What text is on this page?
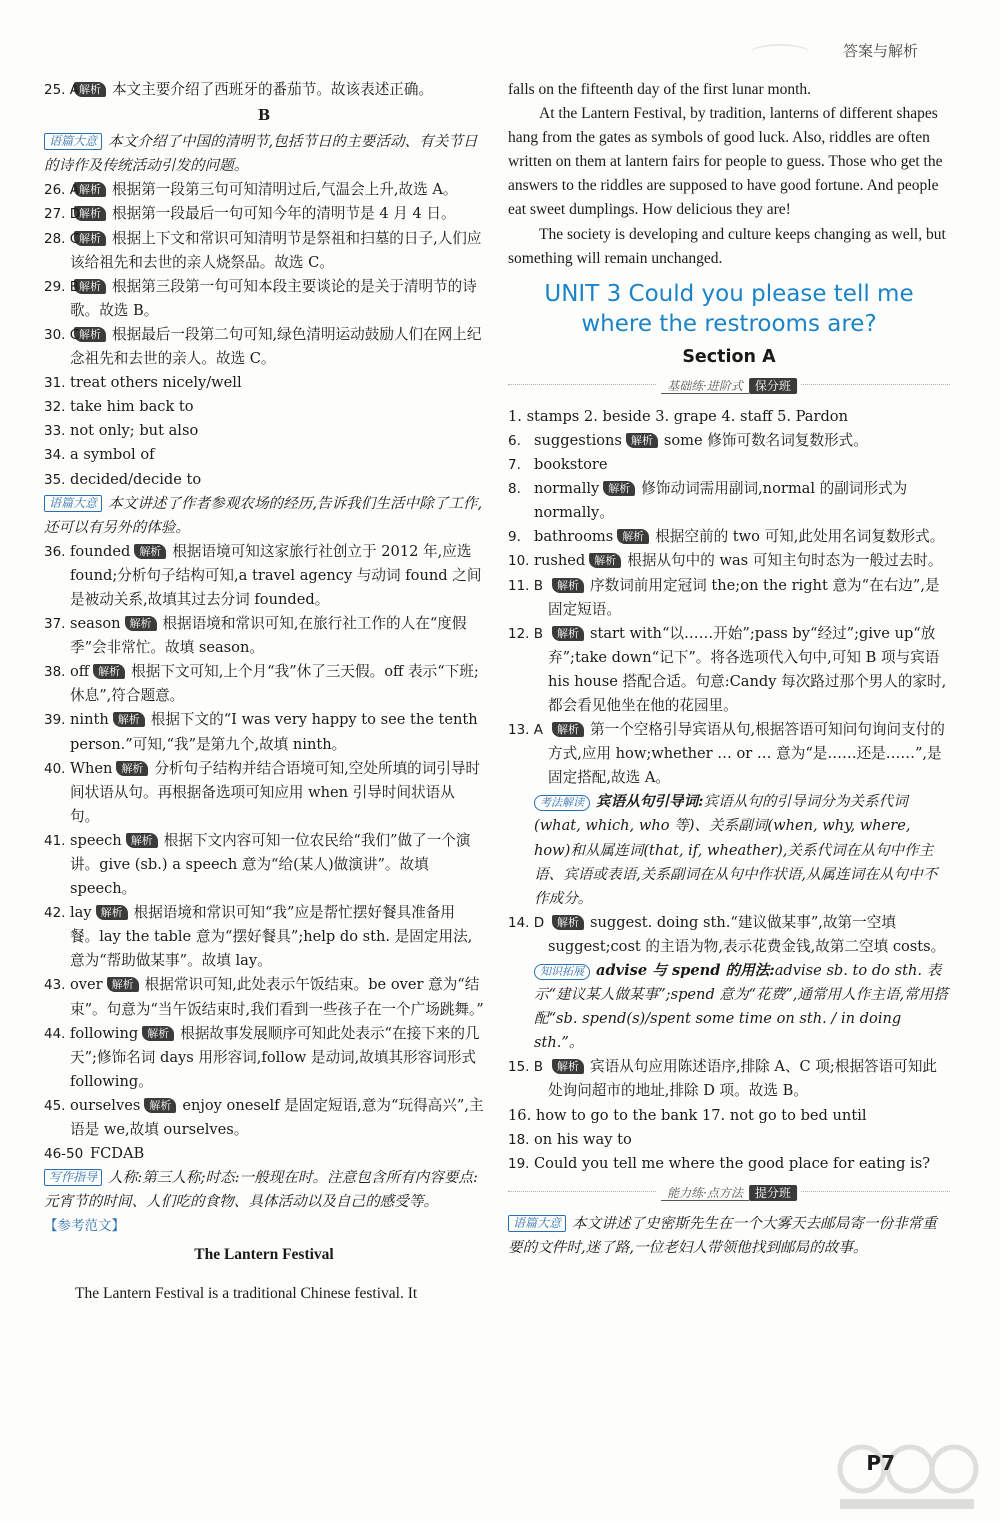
答案与解析

25. A 解析 本文主要介绍了西班牙的番茄节。故该表述正确。

B

语篇大意 本文介绍了中国的清明节,包括节日的主要活动、有关节日的诗作及传统活动引发的问题。

26. A 解析 根据第一段第三句可知清明过后,气温会上升,故选 A。

27. D
解析 根据第一段最后一句可知今年的清明节是 4 月 4 日。

28. C 解析 根据上下文和常识可知清明节是祭祖和扫墓的日子,人们应该给祖先和去世的亲人烧祭品。故选 C。

29. B 解析 根据第三段第一句可知本段主要谈论的是关于清明节的诗歌。故选 B。

30. C 解析 根据最后一段第二句可知,绿色清明运动鼓励人们在网上纪念祖先和去世的亲人。故选 C。

31. treat others nicely/well

32. take him back to

33. not only; but also

34. a symbol of

35. decided/decide to

语篇大意 本文讲述了作者参观农场的经历,告诉我们生活中除了工作,还可以有另外的体验。

36. founded 解析 根据语境可知这家旅行社创立于 2012 年,应选 found;分析句子结构可知,a travel agency 与动词 found 之间是被动关系,故填其过去分词 founded。

37. season 解析 根据语境和常识可知,在旅行社工作的人在“度假季”会非常忙。故填 season。

38. off 解析 根据下文可知,上个月“我”休了三天假。off 表示“下班;休息”,符合题意。

39. ninth 解析 根据下文的“I was very happy to see the tenth person.”可知,“我”是第九个,故填 ninth。

40. When 解析 分析句子结构并结合语境可知,空处所填的词引导时间状语从句。再根据备选项可知应用 when 引导时间状语从句。

41. speech 解析 根据下文内容可知一位农民给“我们”做了一个演讲。give (sb.) a speech 意为“给(某人)做演讲”。故填 speech。

42. lay 解析 根据语境和常识可知“我”应是帮忙摆好餐具准备用餐。lay the table 意为“摆好餐具”;help do sth. 是固定用法,意为“帮助做某事”。故填 lay。

43. over 解析 根据常识可知,此处表示午饭结束。be over 意为“结束”。句意为“当午饭结束时,我们看到一些孩子在一个广场跳舞。”

44. following 解析 根据故事发展顺序可知此处表示“在接下来的几天”;修饰名词 days 用形容词,follow 是动词,故填其形容词形式 following。

45. ourselves 解析 enjoy oneself 是固定短语,意为“玩得高兴”,主语是 we,故填 ourselves。

46-50 FCDAB

写作指导 人称:第三人称;时态:一般现在时。注意包含所有内容要点:元宵节的时间、人们吃的食物、具体活动以及自己的感受等。

【参考范文】

The Lantern Festival

The Lantern Festival is a traditional Chinese festival. It

falls on the fifteenth day of the first lunar month.

At the Lantern Festival, by tradition, lanterns of different shapes hang from the gates as symbols of good luck. Also, riddles are often written on them at lantern fairs for people to guess. Those who get the answers to the riddles are supposed to have good fortune. And people eat sweet dumplings. How delicious they are!

The society is developing and culture keeps changing as well, but something will remain unchanged.

UNIT 3 Could you please tell me where the restrooms are?
Section A
基础练·进阶式 保分班

1. stamps 2. beside 3. grape 4. staff 5. Pardon

6. suggestions 解析 some 修饰可数名词复数形式。

7. bookstore

8. normally 解析 修饰动词需用副词,normal 的副词形式为 normally。

9. bathrooms 解析 根据空前的 two 可知,此处用名词复数形式。

10. rushed 解析 根据从句中的 was 可知主句时态为一般过去时。

11. B 解析 序数词前用定冠词 the;on the right 意为“在右边”,是固定短语。

12. B 解析 start with“以……开始”;pass by“经过”;give up“放弃”;take down“记下”。将各选项代入句中,可知 B 项与宾语 his house 搭配合适。句意:Candy 每次路过那个男人的家时,都会看见他坐在他的花园里。

13. A 解析 第一个空格引导宾语从句,根据答语可知问句询问支付的方式,应用 how;whether … or … 意为“是……还是……”,是固定搭配,故选 A。

考法解读 宾语从句引导词:宾语从句的引导词分为关系代词(what, which, who 等)、关系副词(when, why, where, how)和从属连词(that, if, wheather),关系代词在从句中作主语、宾语或表语,关系副词在从句中作状语,从属连词在从句中不作成分。

14. D 解析 suggest. doing sth.“建议做某事”,故第一空填 suggest;cost 的主语为物,表示花费金钱,故第二空填 costs。

知识拓展 advise 与 spend 的用法:advise sb. to do sth. 表示“建议某人做某事”;spend 意为“花费”,通常用人作主语,常用搭配“sb. spend(s)/spent some time on sth. / in doing sth.”。

15. B 解析 宾语从句应用陈述语序,排除 A、C 项;根据答语可知此处询问超市的地址,排除 D 项。故选 B。

16. how to go to the bank 17. not go to bed until

18. on his way to

19. Could you tell me where the good place for eating is?

能力练·点方法 提分班

语篇大意 本文讲述了史密斯先生在一个大雾天去邮局寄一份非常重要的文件时,迷了路,一位老妇人带领他找到邮局的故事。

P7
